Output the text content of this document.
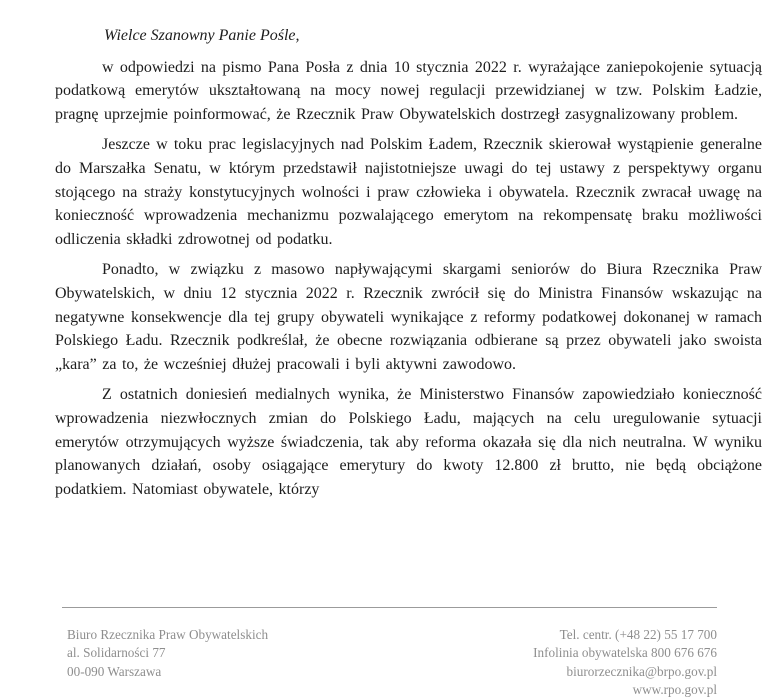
Wielce Szanowny Panie Pośle,

w odpowiedzi na pismo Pana Posła z dnia 10 stycznia 2022 r. wyrażające zaniepokojenie sytuacją podatkową emerytów ukształtowaną na mocy nowej regulacji przewidzianej w tzw. Polskim Ładzie, pragnę uprzejmie poinformować, że Rzecznik Praw Obywatelskich dostrzegł zasygnalizowany problem.

Jeszcze w toku prac legislacyjnych nad Polskim Ładem, Rzecznik skierował wystąpienie generalne do Marszałka Senatu, w którym przedstawił najistotniejsze uwagi do tej ustawy z perspektywy organu stojącego na straży konstytucyjnych wolności i praw człowieka i obywatela. Rzecznik zwracał uwagę na konieczność wprowadzenia mechanizmu pozwalającego emerytom na rekompensatę braku możliwości odliczenia składki zdrowotnej od podatku.

Ponadto, w związku z masowo napływającymi skargami seniorów do Biura Rzecznika Praw Obywatelskich, w dniu 12 stycznia 2022 r. Rzecznik zwrócił się do Ministra Finansów wskazując na negatywne konsekwencje dla tej grupy obywateli wynikające z reformy podatkowej dokonanej w ramach Polskiego Ładu. Rzecznik podkreślał, że obecne rozwiązania odbierane są przez obywateli jako swoista „kara” za to, że wcześniej dłużej pracowali i byli aktywni zawodowo.

Z ostatnich doniesień medialnych wynika, że Ministerstwo Finansów zapowiedziało konieczność wprowadzenia niezwłocznych zmian do Polskiego Ładu, mających na celu uregulowanie sytuacji emerytów otrzymujących wyższe świadczenia, tak aby reforma okazała się dla nich neutralna. W wyniku planowanych działań, osoby osiągające emerytury do kwoty 12.800 zł brutto, nie będą obciążone podatkiem. Natomiast obywatele, którzy

Biuro Rzecznika Praw Obywatelskich
al. Solidarności 77
00-090 Warszawa
Tel. centr. (+48 22) 55 17 700
Infolinia obywatelska 800 676 676
biurorzecznika@brpo.gov.pl
www.rpo.gov.pl
